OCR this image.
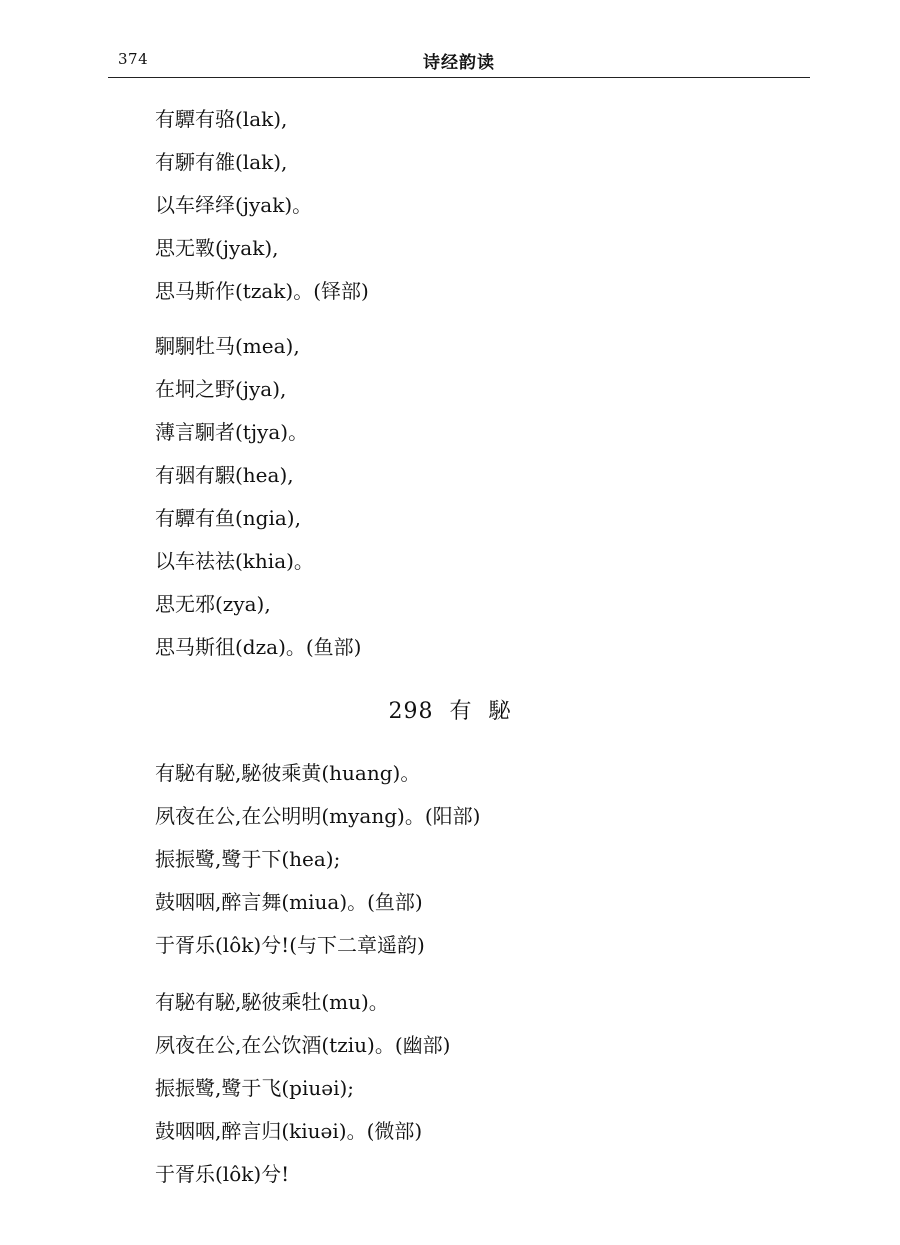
374	诗经韵读
有驔有骆(lak),
有駵有雒(lak),
以车绎绎(jyak)。
思无斁(jyak),
思马斯作(tzak)。(铎部)
駉駉牡马(mea),
在坰之野(jya),
薄言駉者(tjya)。
有骃有騢(hea),
有驔有鱼(ngia),
以车祛祛(khia)。
思无邪(zya),
思马斯徂(dza)。(鱼部)
298  有  駜
有駜有駜,駜彼乘黄(huang)。
夙夜在公,在公明明(myang)。(阳部)
振振鹭,鹭于下(hea);
鼓咽咽,醉言舞(miua)。(鱼部)
于胥乐(lôk)兮!(与下二章遥韵)
有駜有駜,駜彼乘牡(mu)。
夙夜在公,在公饮酒(tziu)。(幽部)
振振鹭,鹭于飞(piuəi);
鼓咽咽,醉言归(kiuəi)。(微部)
于胥乐(lôk)兮!
